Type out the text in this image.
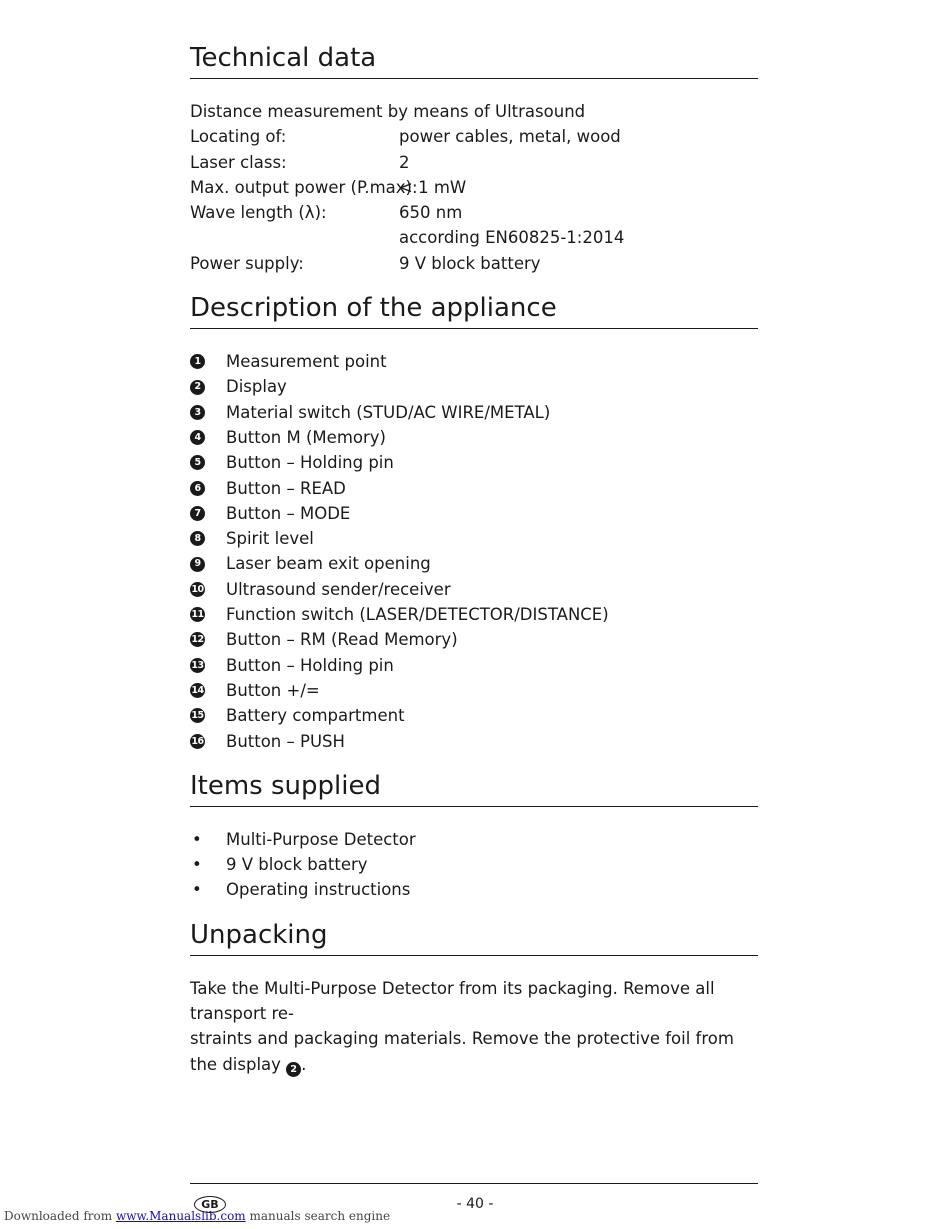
Technical data
Distance measurement by means of Ultrasound
Locating of:	power cables, metal, wood
Laser class:	2
Max. output power (P.max):
< 1 mW
Wave length (λ):	650 nm
according EN60825-1:2014
Power supply:	9 V block battery
Description of the appliance
1 Measurement point
2 Display
3 Material switch (STUD/AC WIRE/METAL)
4 Button M (Memory)
5 Button – Holding pin
6 Button – READ
7 Button – MODE
8 Spirit level
9 Laser beam exit opening
10 Ultrasound sender/receiver
11 Function switch (LASER/DETECTOR/DISTANCE)
12 Button – RM (Read Memory)
13 Button – Holding pin
14 Button +/=
15 Battery compartment
16 Button – PUSH
Items supplied
•	Multi-Purpose Detector
•	9 V block battery
•	Operating instructions
Unpacking
Take the Multi-Purpose Detector from its packaging. Remove all transport re-
straints and packaging materials. Remove the protective foil from the display 2 .
- 40 -
GB
Downloaded from www.Manualslib.com manuals search engine
